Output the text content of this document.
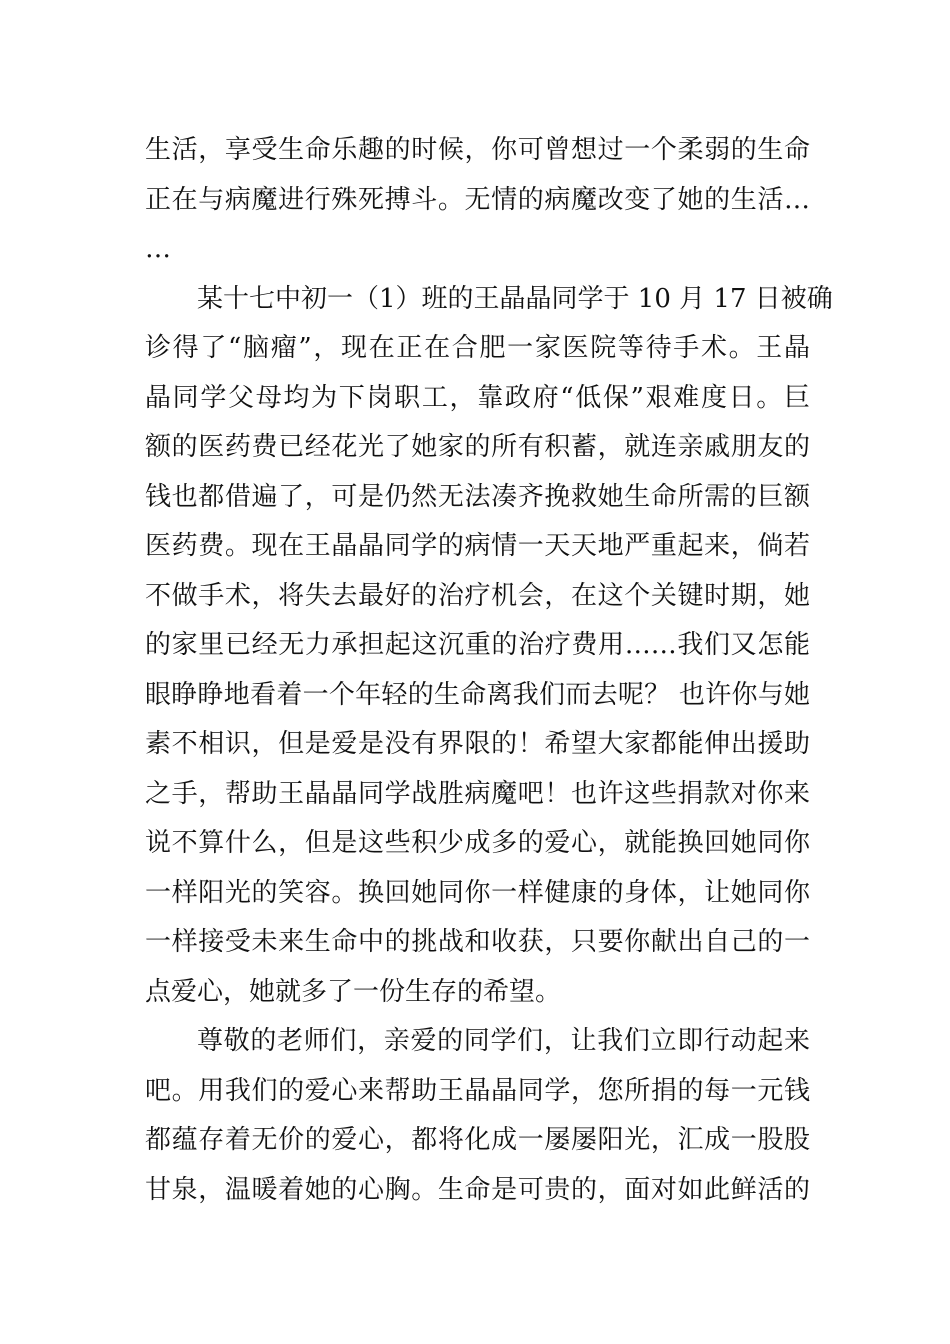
生活，享受生命乐趣的时候，你可曾想过一个柔弱的生命
正在与病魔进行殊死搏斗。无情的病魔改变了她的生活…
…
某十七中初一（1）班的王晶晶同学于 10 月 17 日被确
诊得了“脑瘤”，现在正在合肥一家医院等待手术。王晶
晶同学父母均为下岗职工，靠政府“低保”艰难度日。巨
额的医药费已经花光了她家的所有积蓄，就连亲戚朋友的
钱也都借遍了，可是仍然无法凑齐挽救她生命所需的巨额
医药费。现在王晶晶同学的病情一天天地严重起来，倘若
不做手术，将失去最好的治疗机会，在这个关键时期，她
的家里已经无力承担起这沉重的治疗费用……我们又怎能
眼睁睁地看着一个年轻的生命离我们而去呢？ 也许你与她
素不相识，但是爱是没有界限的！希望大家都能伸出援助
之手，帮助王晶晶同学战胜病魔吧！也许这些捐款对你来
说不算什么，但是这些积少成多的爱心，就能换回她同你
一样阳光的笑容。换回她同你一样健康的身体，让她同你
一样接受未来生命中的挑战和收获，只要你献出自己的一
点爱心，她就多了一份生存的希望。
尊敬的老师们，亲爱的同学们，让我们立即行动起来
吧。用我们的爱心来帮助王晶晶同学，您所捐的每一元钱
都蕴存着无价的爱心，都将化成一屡屡阳光，汇成一股股
甘泉，温暖着她的心胸。生命是可贵的，面对如此鲜活的
